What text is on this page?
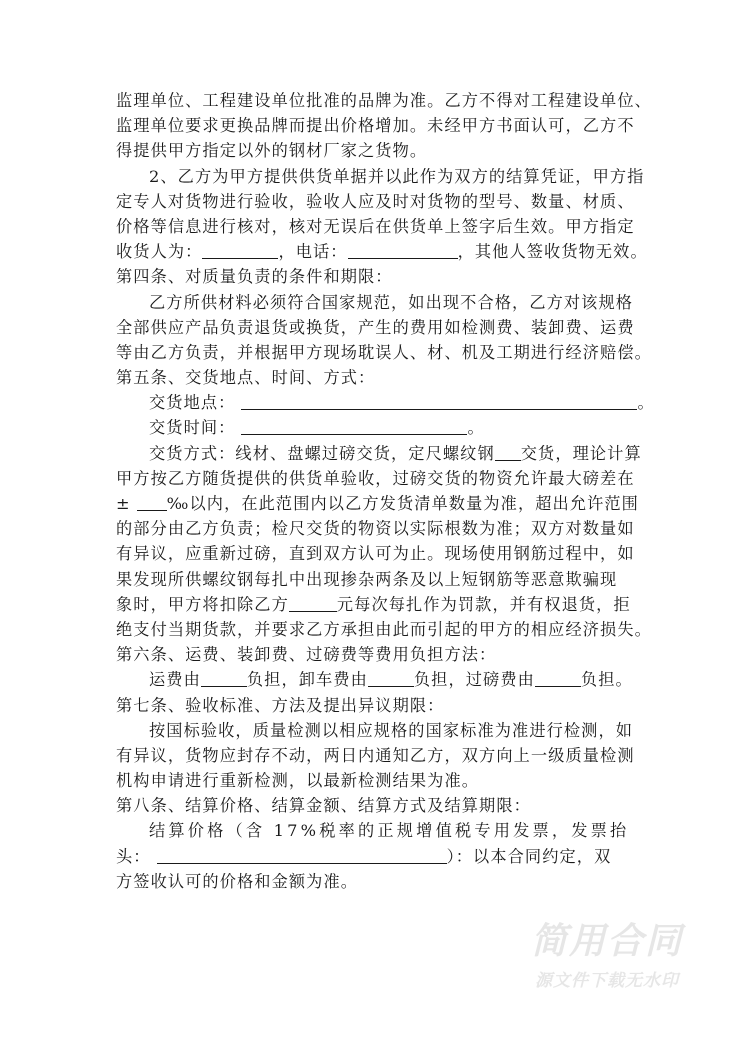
监理单位、工程建设单位批准的品牌为准。乙方不得对工程建设单位、
监理单位要求更换品牌而提出价格增加。未经甲方书面认可，乙方不
得提供甲方指定以外的钢材厂家之货物。
2、乙方为甲方提供供货单据并以此作为双方的结算凭证，甲方指
定专人对货物进行验收，验收人应及时对货物的型号、数量、材质、
价格等信息进行核对，核对无误后在供货单上签字后生效。甲方指定
收货人为：	，电话：	，其他人签收货物无效。
第四条、对质量负责的条件和期限：
乙方所供材料必须符合国家规范，如出现不合格，乙方对该规格
全部供应产品负责退货或换货，产生的费用如检测费、装卸费、运费
等由乙方负责，并根据甲方现场耽误人、材、机及工期进行经济赔偿。
第五条、交货地点、时间、方式：
交货地点：	。
交货时间：	。
交货方式：线材、盘螺过磅交货，定尺螺纹钢 交货，理论计算
甲方按乙方随货提供的供货单验收，过磅交货的物资允许最大磅差在
± ‰以内，在此范围内以乙方发货清单数量为准，超出允许范围
的部分由乙方负责；检尺交货的物资以实际根数为准；双方对数量如
有异议，应重新过磅，直到双方认可为止。现场使用钢筋过程中，如
果发现所供螺纹钢每扎中出现掺杂两条及以上短钢筋等恶意欺骗现
象时，甲方将扣除乙方	元每次每扎作为罚款，并有权退货，拒
绝支付当期货款，并要求乙方承担由此而引起的甲方的相应经济损失。
第六条、运费、装卸费、过磅费等费用负担方法：
运费由	负担，卸车费由	负担，过磅费由	负担。
第七条、验收标准、方法及提出异议期限：
按国标验收，质量检测以相应规格的国家标准为准进行检测，如
有异议，货物应封存不动，两日内通知乙方，双方向上一级质量检测
机构申请进行重新检测，以最新检测结果为准。
第八条、结算价格、结算金额、结算方式及结算期限：
结算价格（含 17%税率的正规增值税专用发票，发票抬
头：	）：以本合同约定，双
方签收认可的价格和金额为准。
简用合同
源文件下载无水印
